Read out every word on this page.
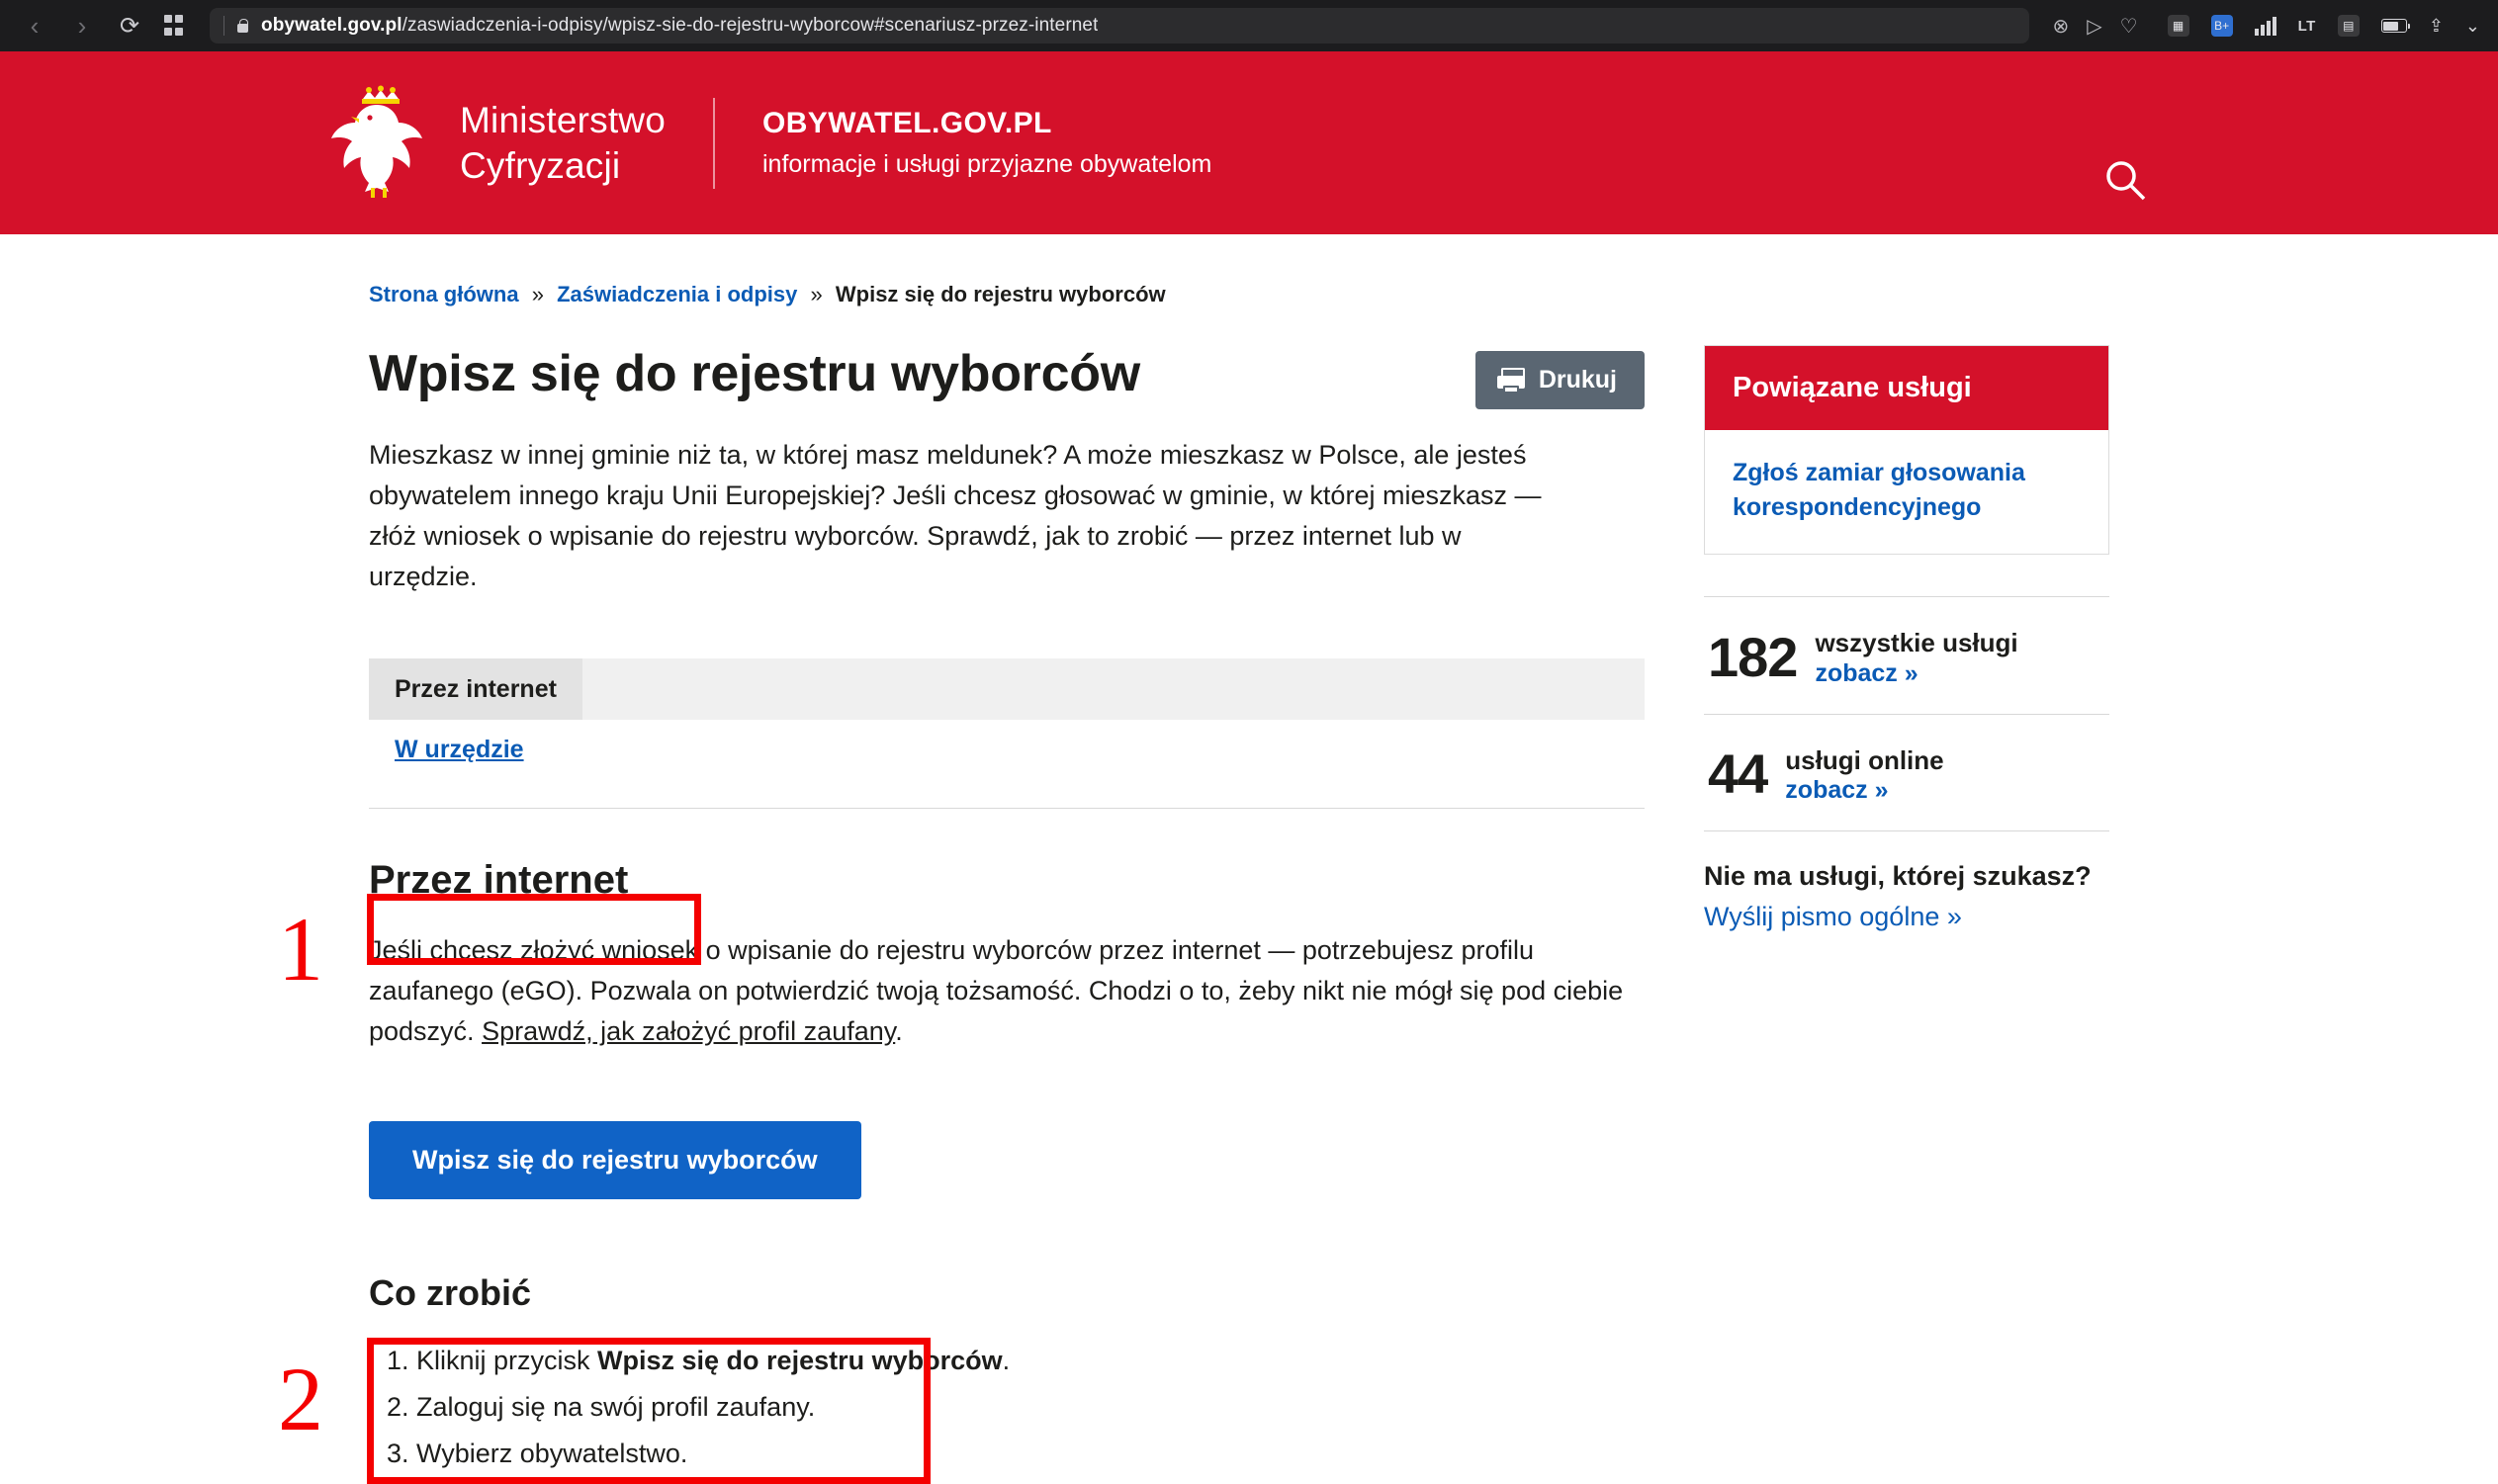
‹	›	⟳	obywatel.gov.pl/zaswiadczenia-i-odpisy/wpisz-sie-do-rejestru-wyborcow#scenariusz-przez-internet	⊗ ▷ ♡	▦	B+	LT	▤	⇪ ⌄
Ministerstwo
Cyfryzacji
OBYWATEL.GOV.PL
informacje i usługi przyjazne obywatelom
Strona główna » Zaświadczenia i odpisy » Wpisz się do rejestru wyborców
Wpisz się do rejestru wyborców	Drukuj

Mieszkasz w innej gminie niż ta, w której masz meldunek? A może mieszkasz w Polsce, ale jesteś obywatelem innego kraju Unii Europejskiej? Jeśli chcesz głosować w gminie, w której mieszkasz — złóż wniosek o wpisanie do rejestru wyborców. Sprawdź, jak to zrobić — przez internet lub w urzędzie.

Przez internet
W urzędzie
Przez internet

Jeśli chcesz złożyć wniosek o wpisanie do rejestru wyborców przez internet — potrzebujesz profilu zaufanego (eGO). Pozwala on potwierdzić twoją tożsamość. Chodzi o to, żeby nikt nie mógł się pod ciebie podszyć. Sprawdź, jak założyć profil zaufany.

Wpisz się do rejestru wyborców
Co zrobić
1. Kliknij przycisk Wpisz się do rejestru wyborców.
2. Zaloguj się na swój profil zaufany.
3. Wybierz obywatelstwo.
1
2
Powiązane usługi
Zgłoś zamiar głosowania korespondencyjnego
182 wszystkie usługi
zobacz »
44 usługi online
zobacz »
Nie ma usługi, której szukasz?
Wyślij pismo ogólne »
